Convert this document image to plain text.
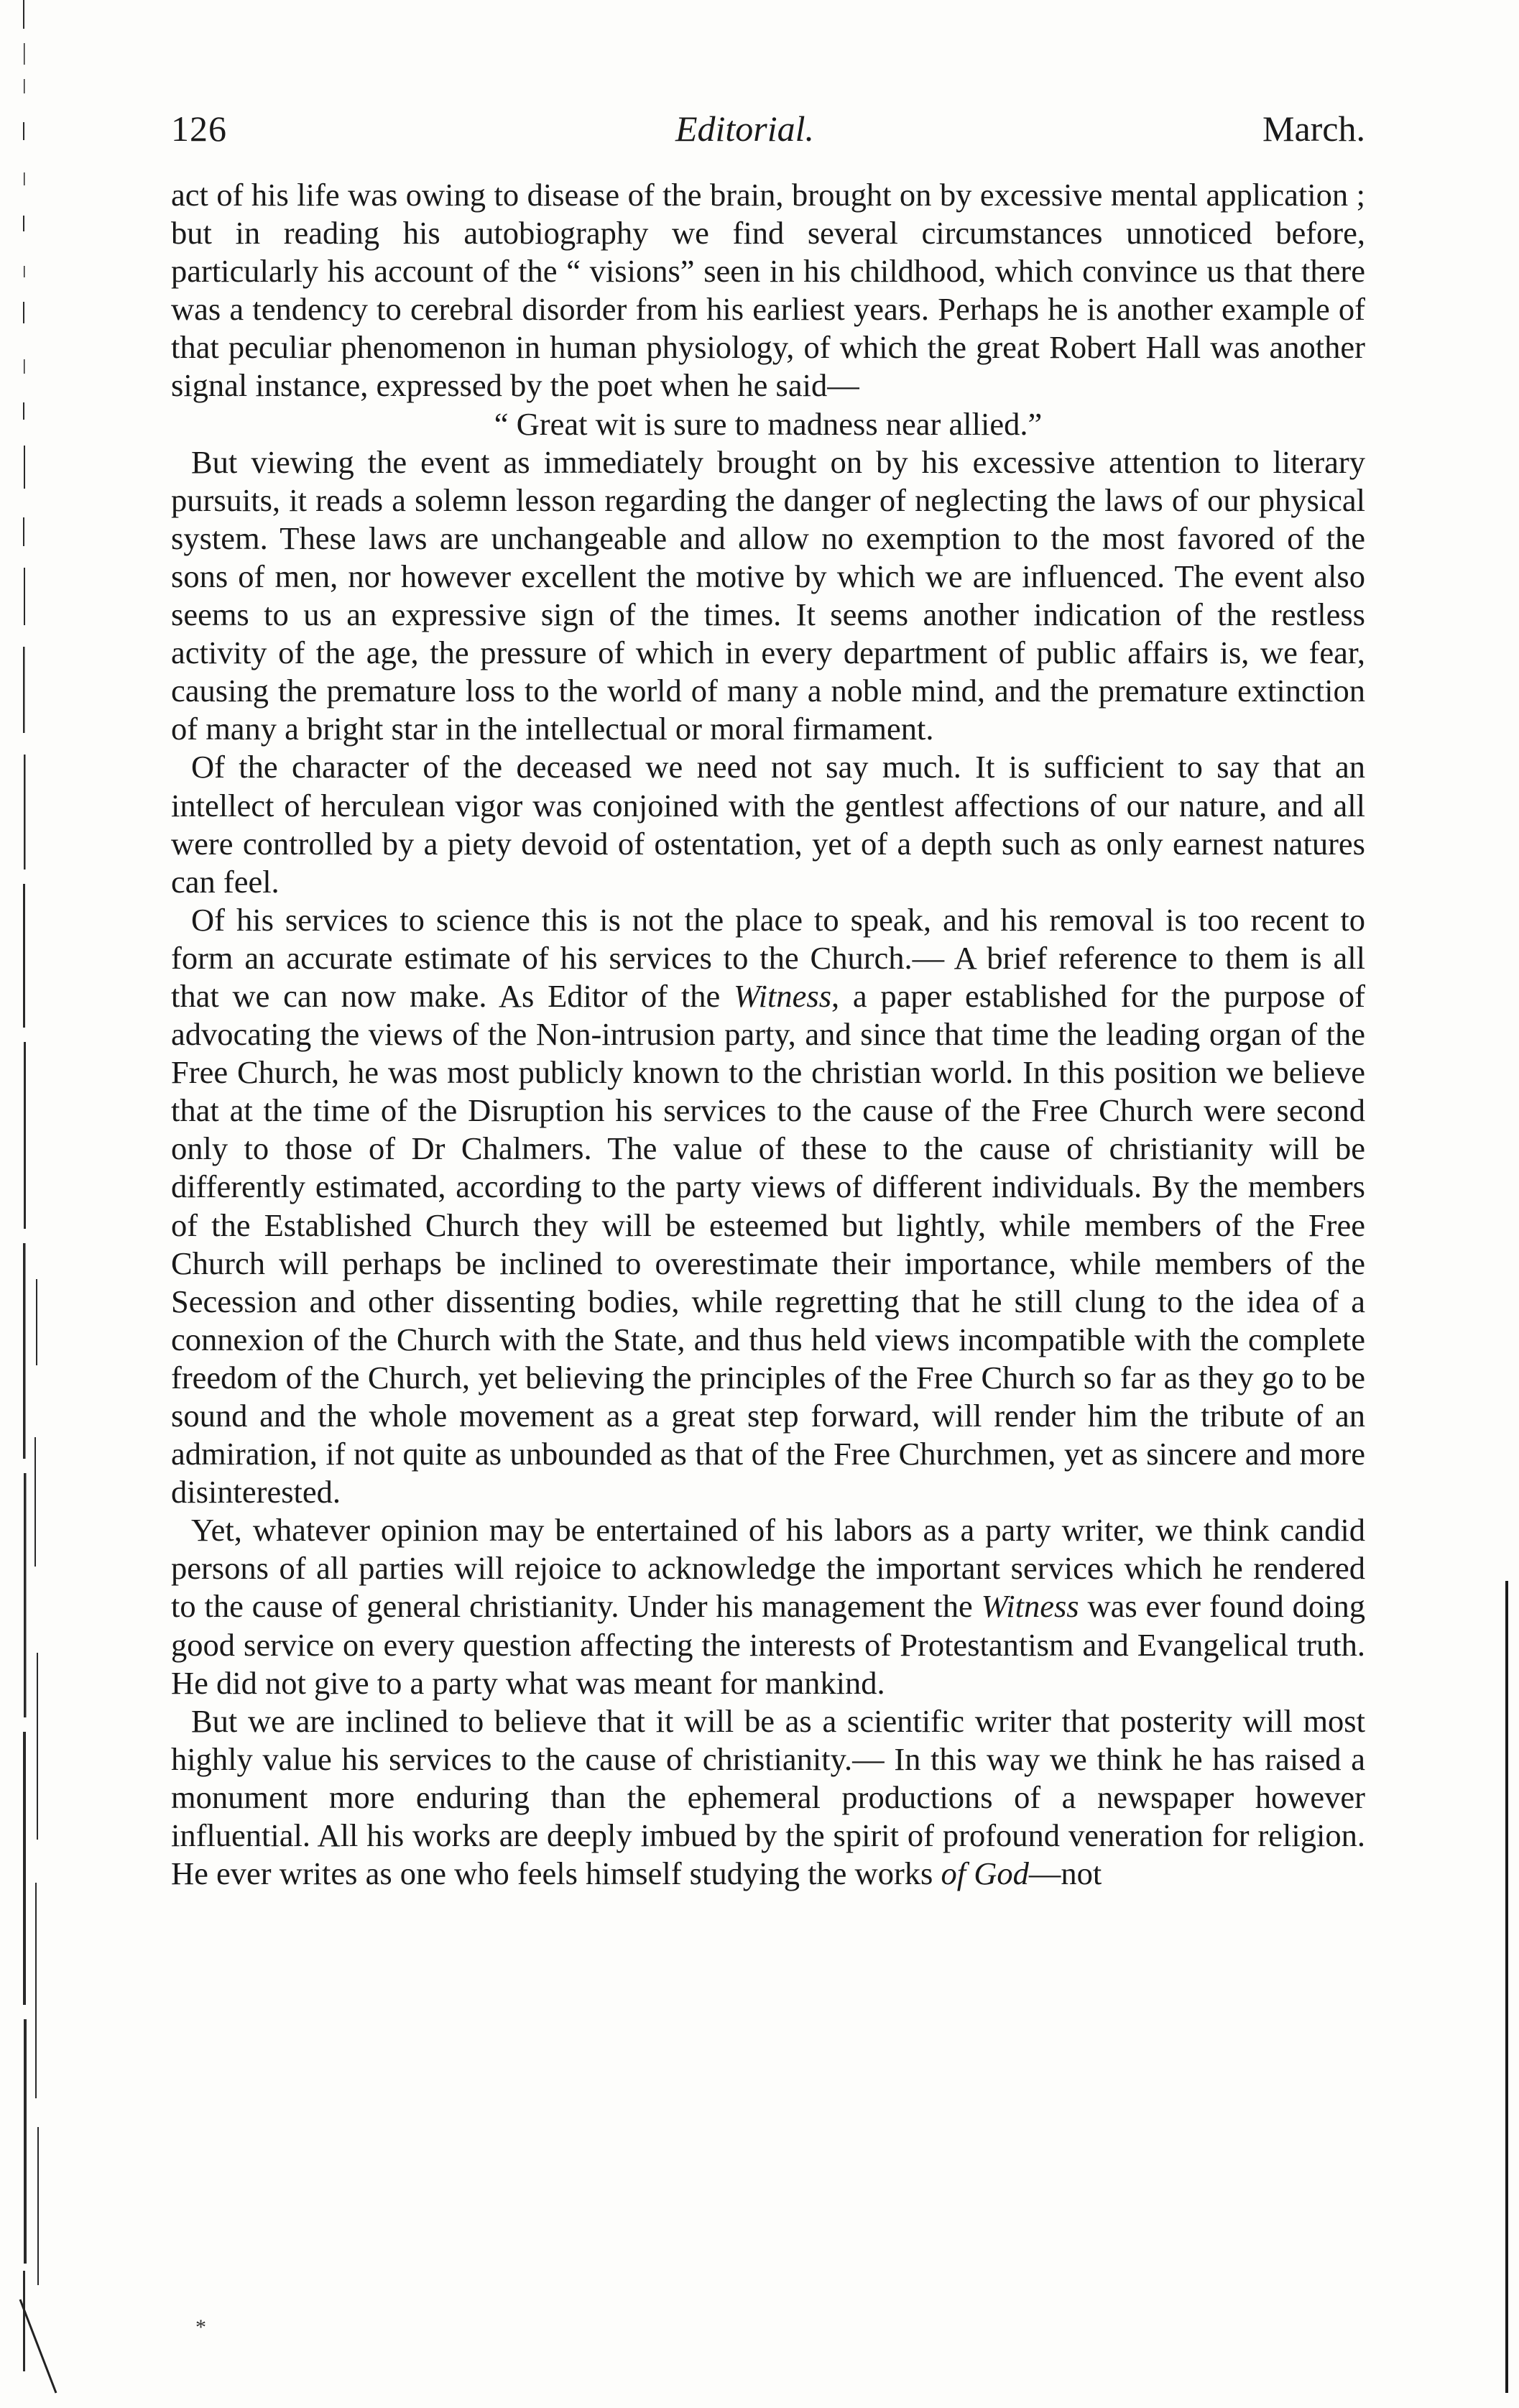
126	Editorial.	March.

act of his life was owing to disease of the brain, brought on by excessive mental application ; but in reading his autobiography we find several circumstances unnoticed before, particularly his account of the “ visions” seen in his childhood, which convince us that there was a tendency to cerebral disorder from his earliest years. Perhaps he is another example of that peculiar phenomenon in human physiology, of which the great Robert Hall was another signal instance, expressed by the poet when he said—

“ Great wit is sure to madness near allied.”

But viewing the event as immediately brought on by his excessive attention to literary pursuits, it reads a solemn lesson regarding the danger of neglecting the laws of our physical system. These laws are unchangeable and allow no exemption to the most favored of the sons of men, nor however excellent the motive by which we are influenced. The event also seems to us an expressive sign of the times. It seems another indication of the restless activity of the age, the pressure of which in every department of public affairs is, we fear, causing the premature loss to the world of many a noble mind, and the premature extinction of many a bright star in the intellectual or moral firmament.

Of the character of the deceased we need not say much. It is sufficient to say that an intellect of herculean vigor was conjoined with the gentlest affections of our nature, and all were controlled by a piety devoid of ostentation, yet of a depth such as only earnest natures can feel.

Of his services to science this is not the place to speak, and his removal is too recent to form an accurate estimate of his services to the Church.— A brief reference to them is all that we can now make. As Editor of the Witness, a paper established for the purpose of advocating the views of the Non-intrusion party, and since that time the leading organ of the Free Church, he was most publicly known to the christian world. In this position we believe that at the time of the Disruption his services to the cause of the Free Church were second only to those of Dr Chalmers. The value of these to the cause of christianity will be differently estimated, according to the party views of different individuals. By the members of the Established Church they will be esteemed but lightly, while members of the Free Church will perhaps be inclined to overestimate their importance, while members of the Secession and other dissenting bodies, while regretting that he still clung to the idea of a connexion of the Church with the State, and thus held views incompatible with the complete freedom of the Church, yet believing the principles of the Free Church so far as they go to be sound and the whole movement as a great step forward, will render him the tribute of an admiration, if not quite as unbounded as that of the Free Churchmen, yet as sincere and more disinterested.

Yet, whatever opinion may be entertained of his labors as a party writer, we think candid persons of all parties will rejoice to acknowledge the important services which he rendered to the cause of general christianity. Under his management the Witness was ever found doing good service on every question affecting the interests of Protestantism and Evangelical truth. He did not give to a party what was meant for mankind.

But we are inclined to believe that it will be as a scientific writer that posterity will most highly value his services to the cause of christianity.— In this way we think he has raised a monument more enduring than the ephemeral productions of a newspaper however influential. All his works are deeply imbued by the spirit of profound veneration for religion. He ever writes as one who feels himself studying the works of God—not

*
